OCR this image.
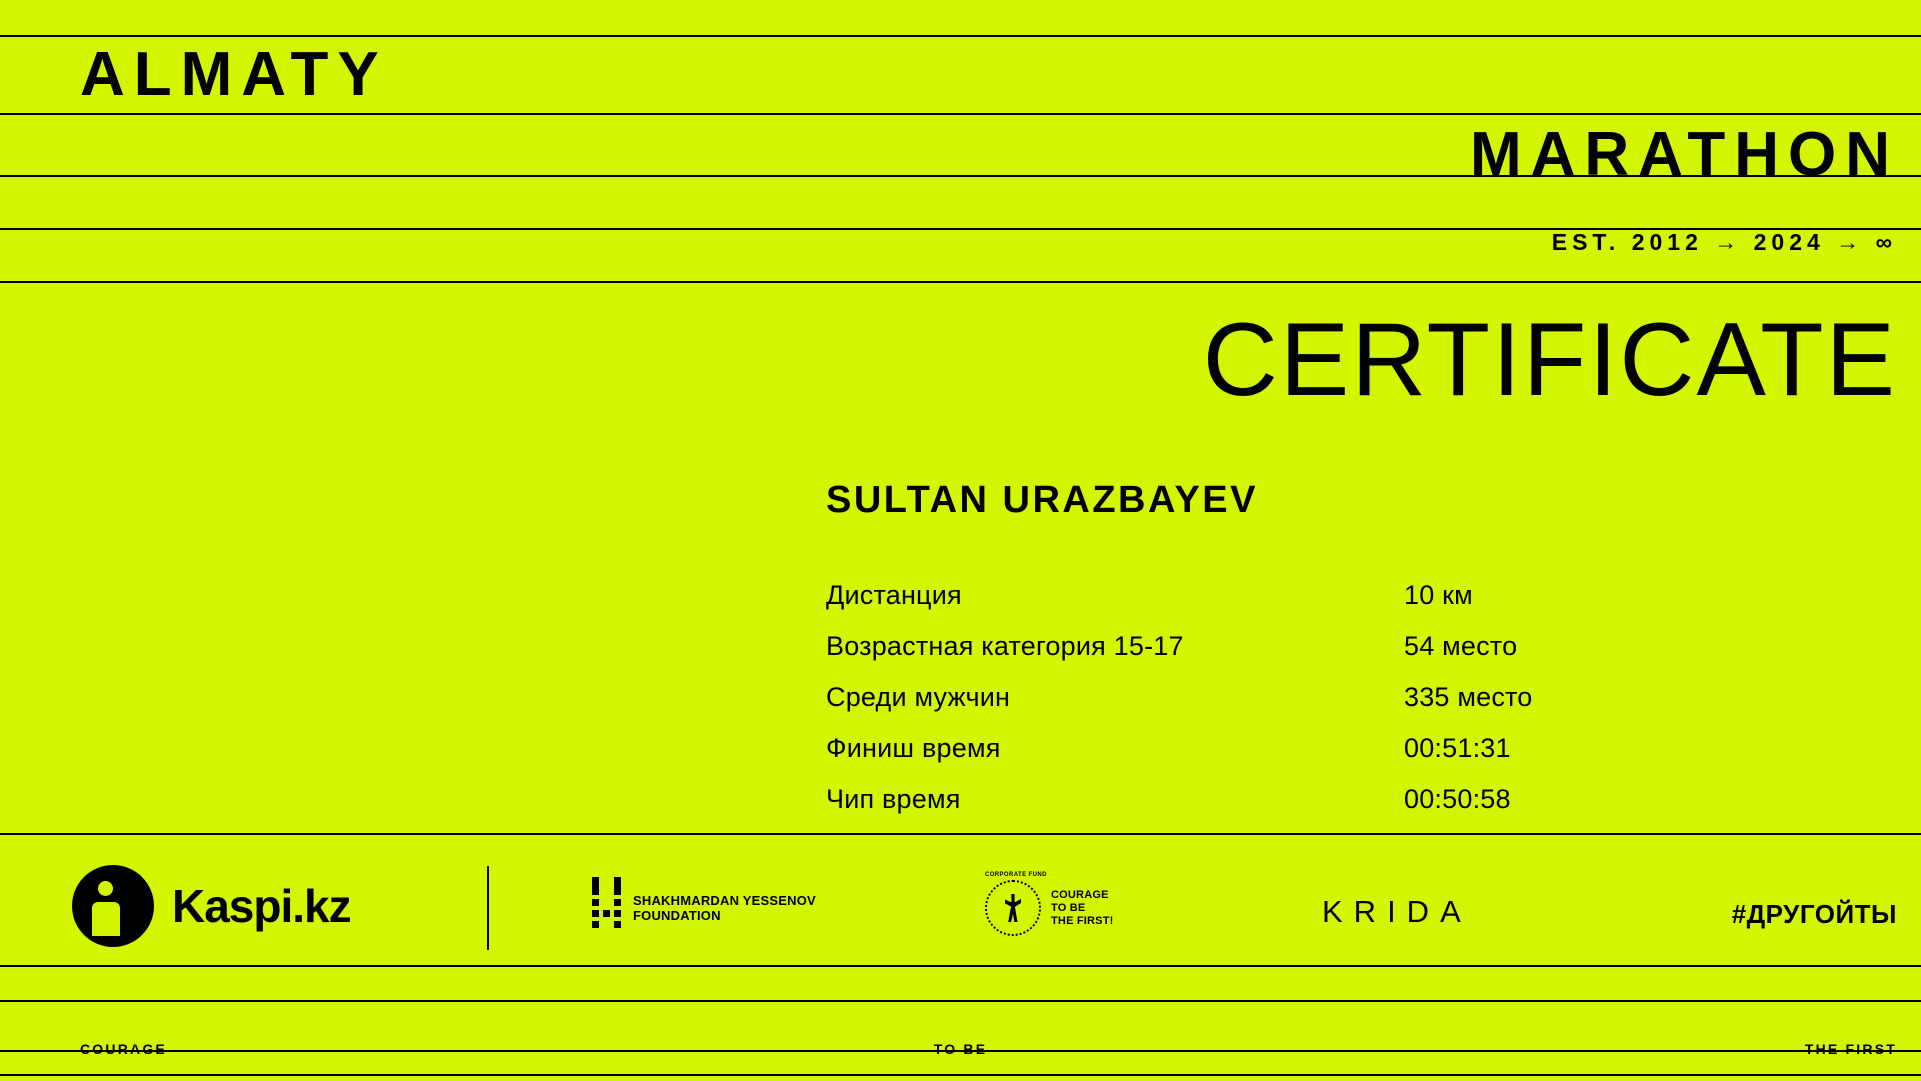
ALMATY
MARATHON
EST. 2012 → 2024 → ∞
CERTIFICATE
SULTAN URAZBAYEV
Дистанция	10 км
Возрастная категория 15-17	54 место
Среди мужчин	335 место
Финиш время	00:51:31
Чип время	00:50:58
Kaspi.kz	SHAKHMARDAN YESSENOV
FOUNDATION
CORPORATE FUND
COURAGE
TO BE
THE FIRST!	KRIDA	#ДРУГОЙТЫ
COURAGE	TO BE	THE FIRST
